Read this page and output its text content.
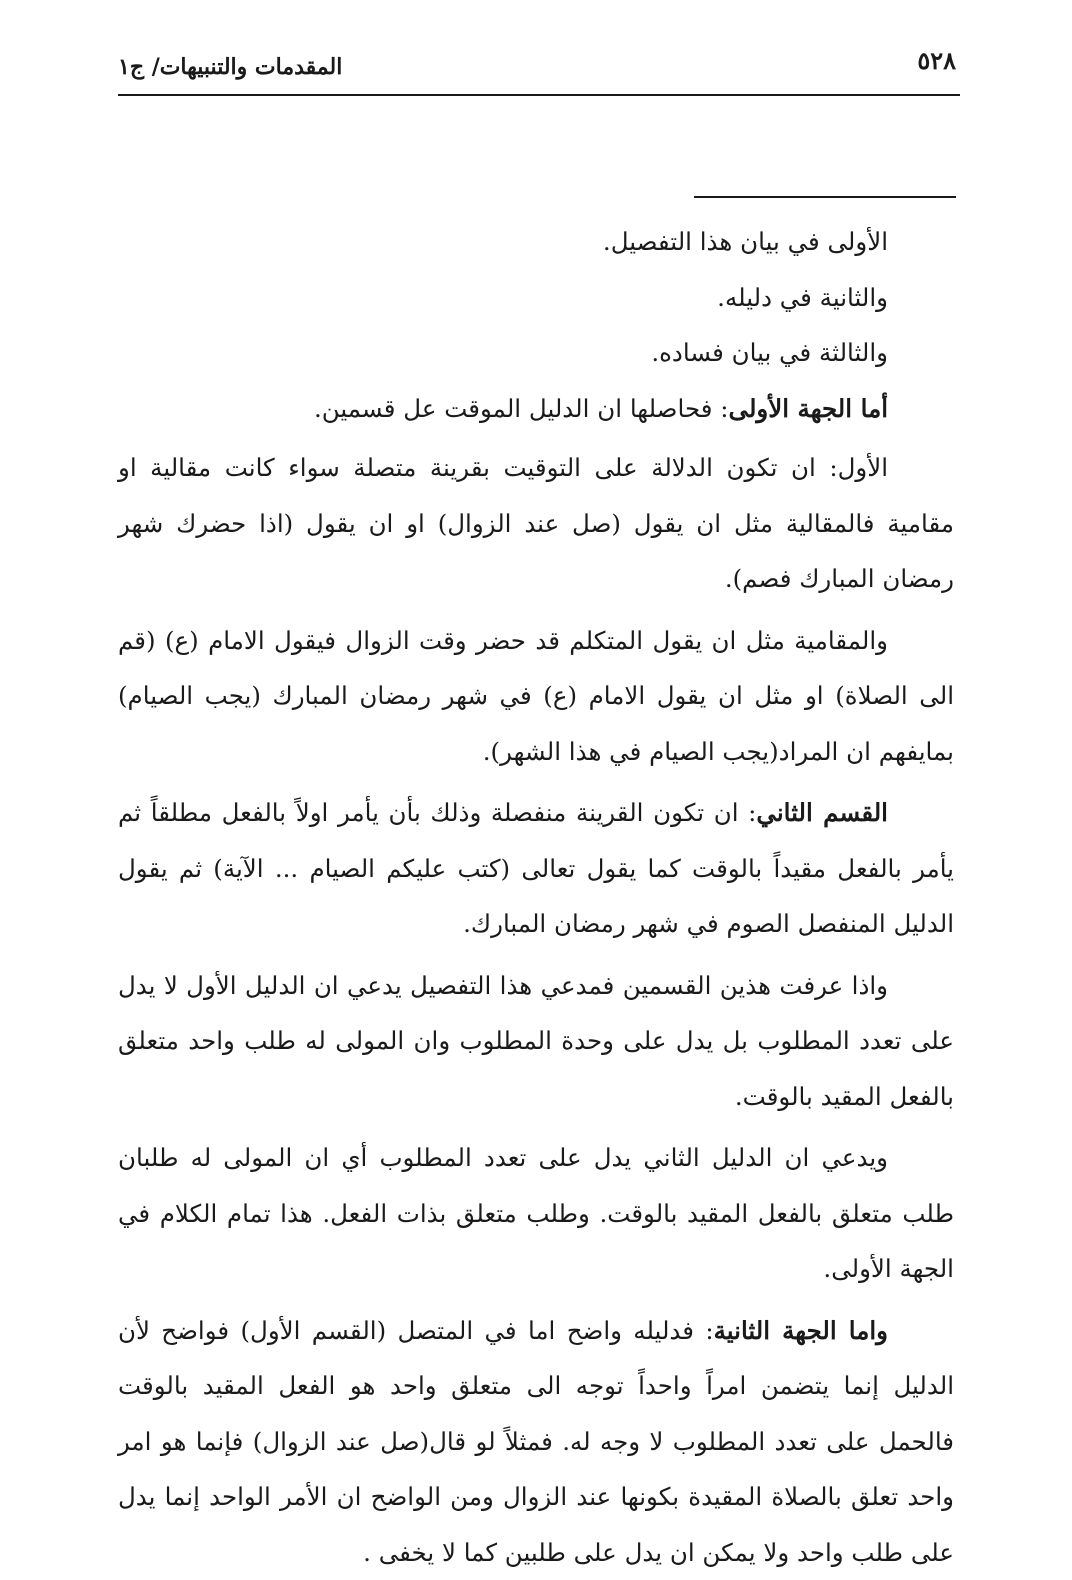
المقدمات والتنبيهات/ ج١	٥٢٨

الأولى في بيان هذا التفصيل.

والثانية في دليله.

والثالثة في بيان فساده.

أما الجهة الأولى: فحاصلها ان الدليل الموقت عل قسمين.

الأول: ان تكون الدلالة على التوقيت بقرينة متصلة سواء كانت مقالية او مقامية فالمقالية مثل ان يقول (صل عند الزوال) او ان يقول (اذا حضرك شهر رمضان المبارك فصم).

والمقامية مثل ان يقول المتكلم قد حضر وقت الزوال فيقول الامام (ع) (قم الى الصلاة) او مثل ان يقول الامام (ع) في شهر رمضان المبارك (يجب الصيام) بمايفهم ان المراد(يجب الصيام في هذا الشهر).

القسم الثاني: ان تكون القرينة منفصلة وذلك بأن يأمر اولاً بالفعل مطلقاً ثم يأمر بالفعل مقيداً بالوقت كما يقول تعالى (كتب عليكم الصيام ... الآية) ثم يقول الدليل المنفصل الصوم في شهر رمضان المبارك.

واذا عرفت هذين القسمين فمدعي هذا التفصيل يدعي ان الدليل الأول لا يدل على تعدد المطلوب بل يدل على وحدة المطلوب وان المولى له طلب واحد متعلق بالفعل المقيد بالوقت.

ويدعي ان الدليل الثاني يدل على تعدد المطلوب أي ان المولى له طلبان طلب متعلق بالفعل المقيد بالوقت. وطلب متعلق بذات الفعل. هذا تمام الكلام في الجهة الأولى.

واما الجهة الثانية: فدليله واضح اما في المتصل (القسم الأول) فواضح لأن الدليل إنما يتضمن امراً واحداً توجه الى متعلق واحد هو الفعل المقيد بالوقت فالحمل على تعدد المطلوب لا وجه له. فمثلاً لو قال(صل عند الزوال) فإنما هو امر واحد تعلق بالصلاة المقيدة بكونها عند الزوال ومن الواضح ان الأمر الواحد إنما يدل على طلب واحد ولا يمكن ان يدل على طلبين كما لا يخفى .
